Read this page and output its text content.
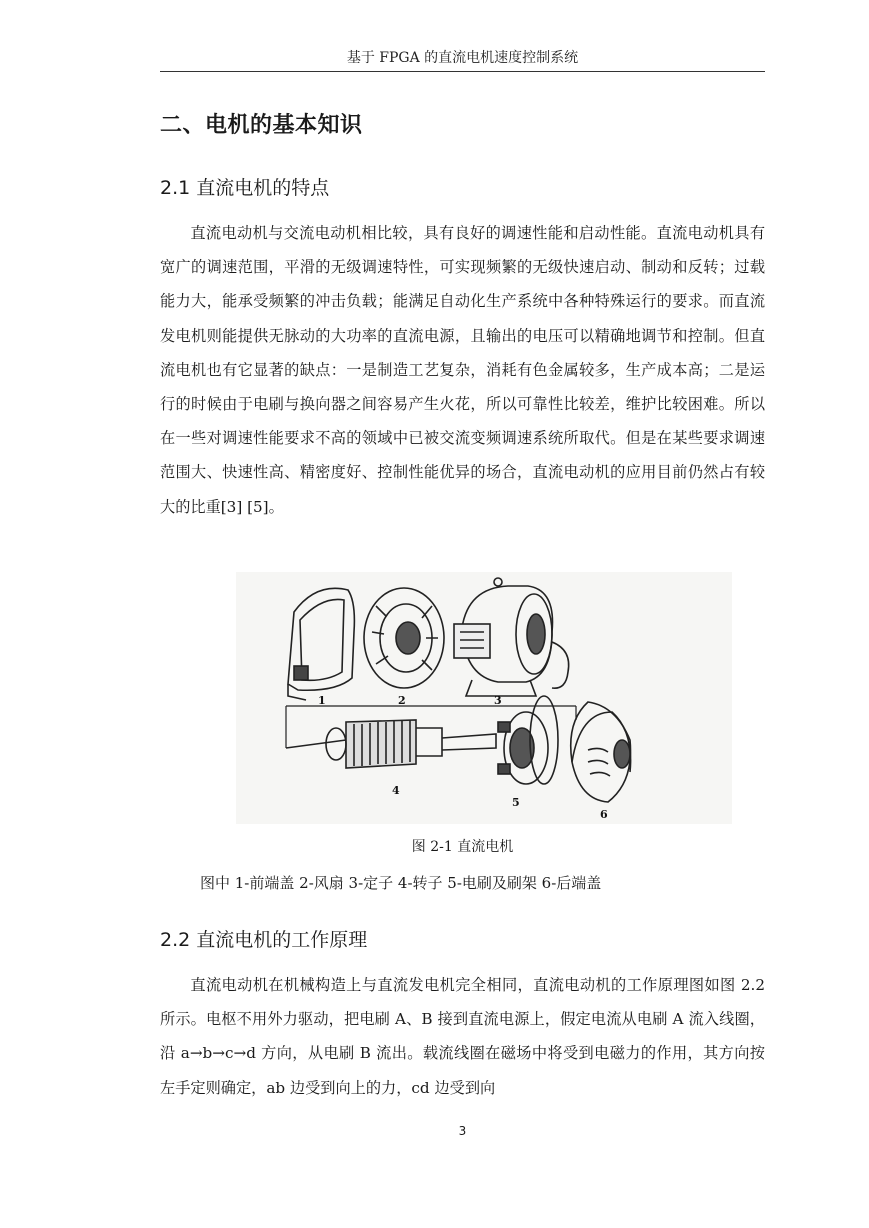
基于 FPGA 的直流电机速度控制系统
二、电机的基本知识
2.1 直流电机的特点

直流电动机与交流电动机相比较，具有良好的调速性能和启动性能。直流电动机具有宽广的调速范围，平滑的无级调速特性，可实现频繁的无级快速启动、制动和反转；过载能力大，能承受频繁的冲击负载；能满足自动化生产系统中各种特殊运行的要求。而直流发电机则能提供无脉动的大功率的直流电源，且输出的电压可以精确地调节和控制。但直流电机也有它显著的缺点：一是制造工艺复杂，消耗有色金属较多，生产成本高；二是运行的时候由于电刷与换向器之间容易产生火花，所以可靠性比较差，维护比较困难。所以在一些对调速性能要求不高的领域中已被交流变频调速系统所取代。但是在某些要求调速范围大、快速性高、精密度好、控制性能优异的场合，直流电动机的应用目前仍然占有较大的比重[3] [5]。

1	2	3
4
5
6
图 2-1 直流电机
图中 1-前端盖 2-风扇 3-定子 4-转子 5-电刷及刷架 6-后端盖
2.2 直流电机的工作原理

直流电动机在机械构造上与直流发电机完全相同，直流电动机的工作原理图如图 2.2 所示。电枢不用外力驱动，把电刷 A、B 接到直流电源上，假定电流从电刷 A 流入线圈，沿 a→b→c→d 方向，从电刷 B 流出。载流线圈在磁场中将受到电磁力的作用，其方向按左手定则确定，ab 边受到向上的力，cd 边受到向

3
